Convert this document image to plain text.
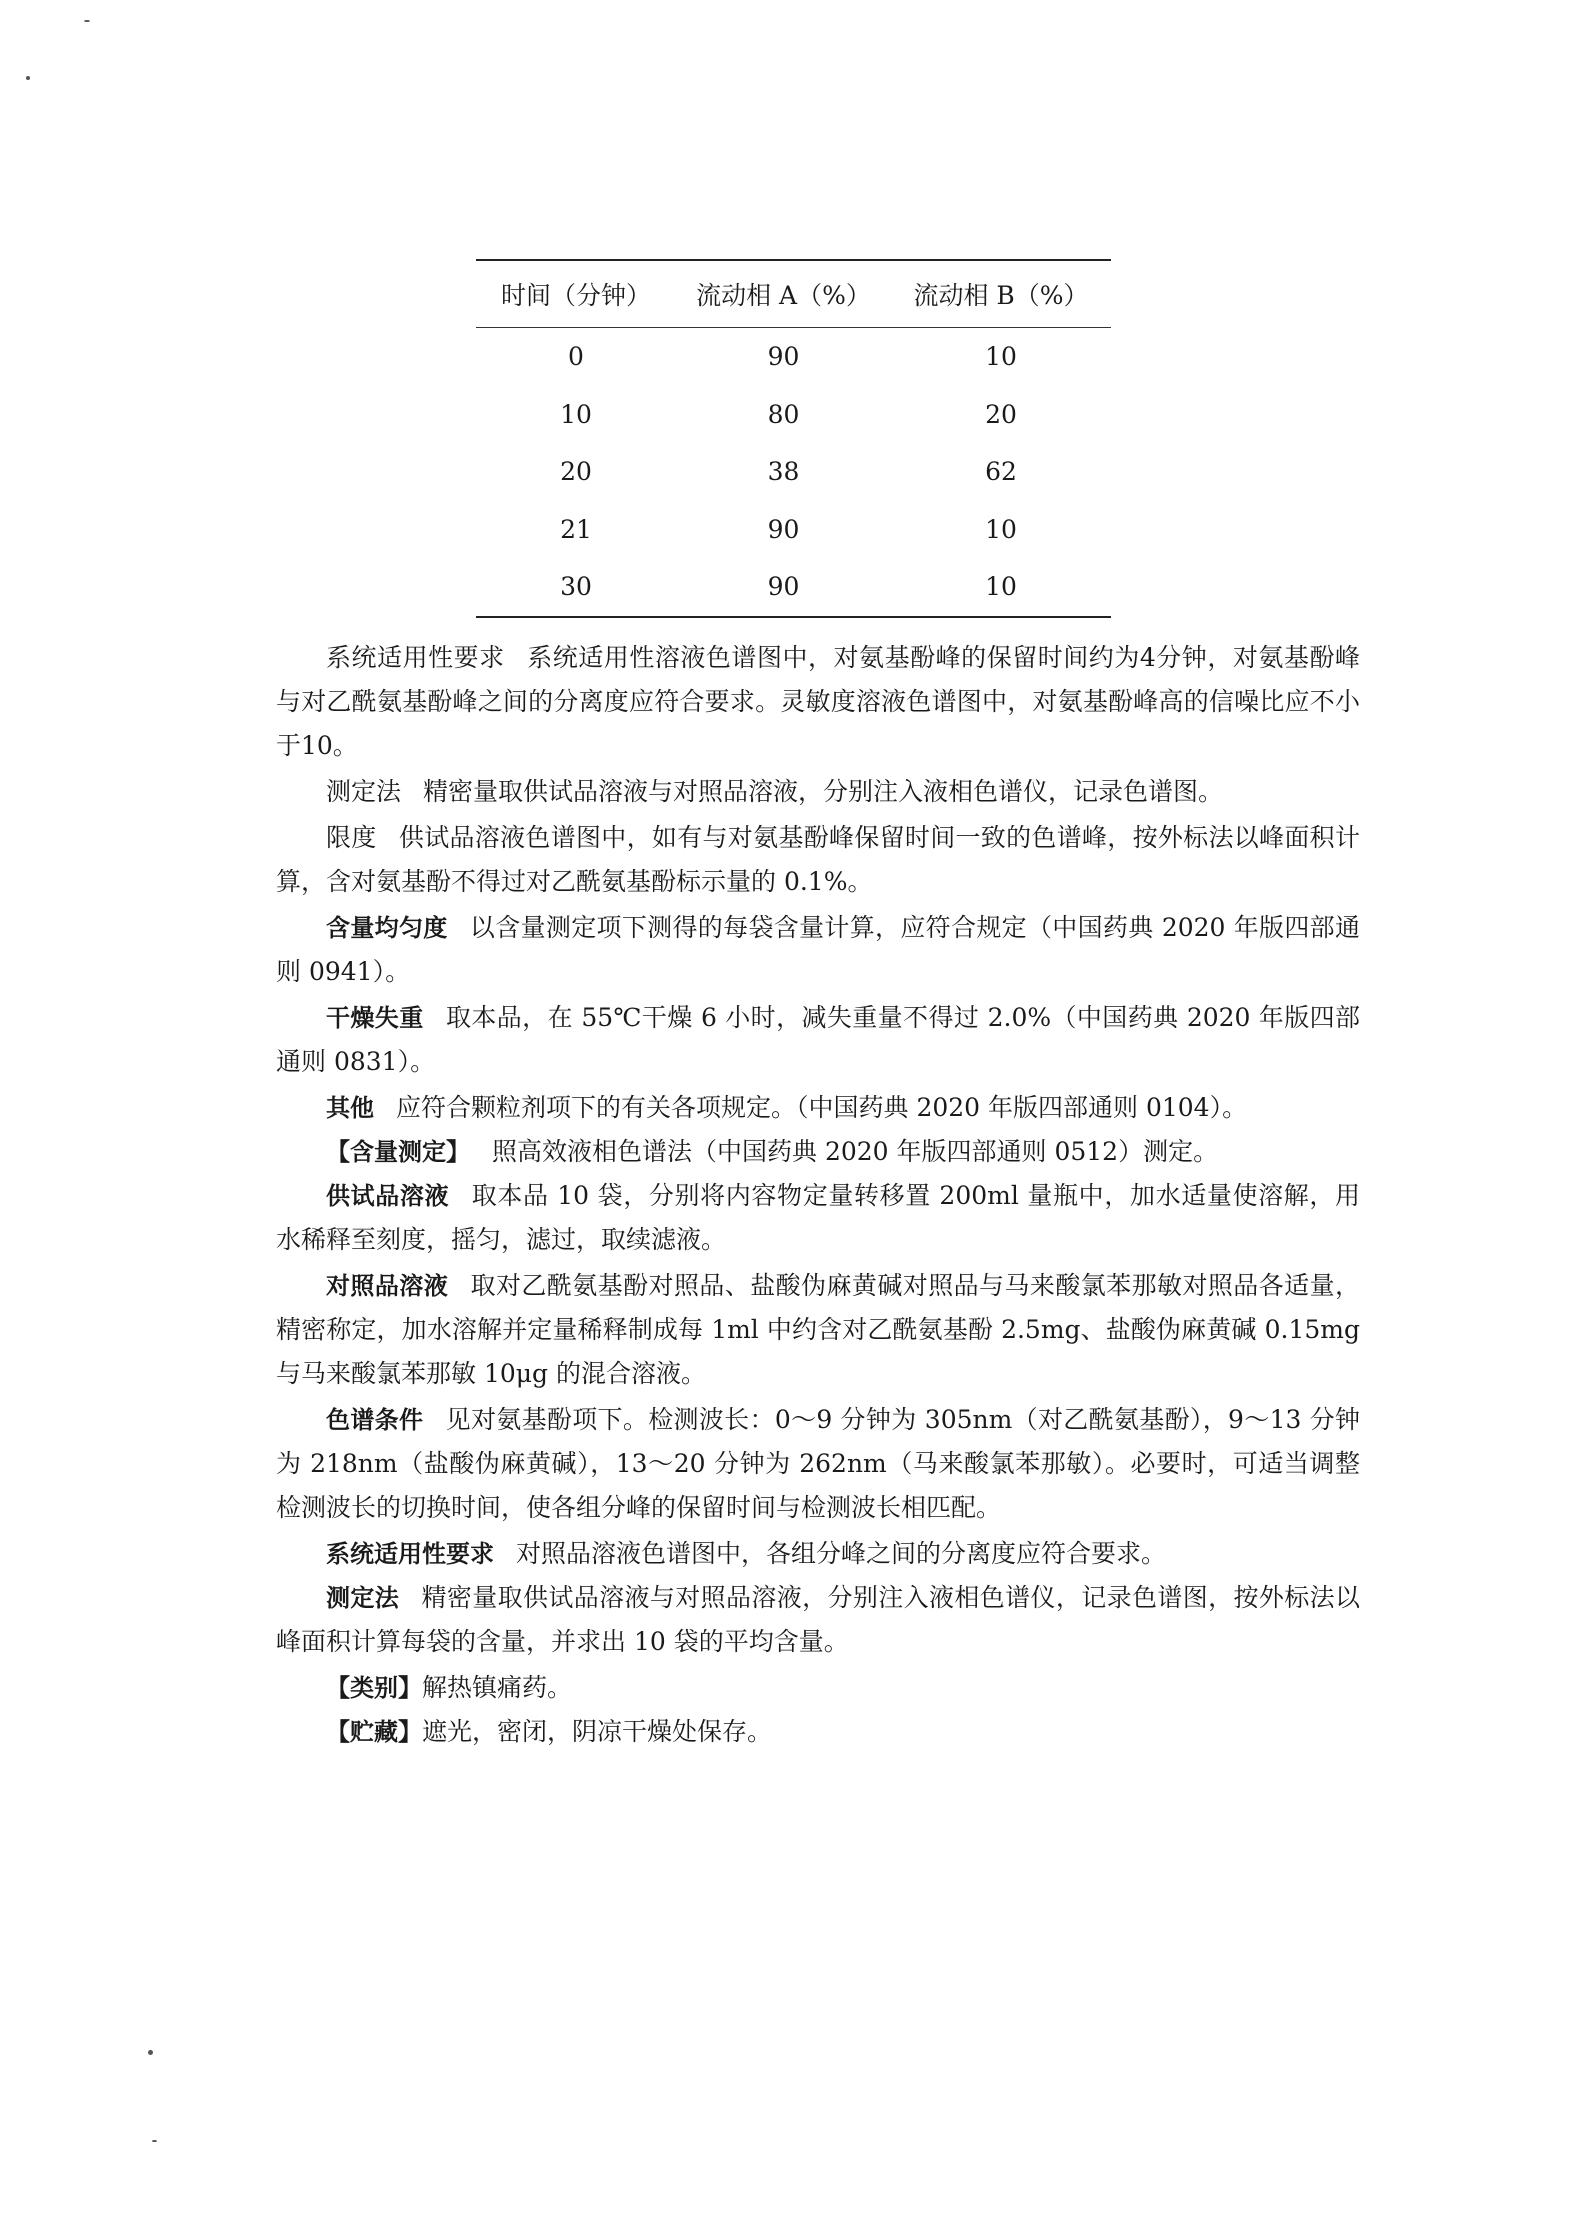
时间（分钟）	流动相 A（%）	流动相 B（%）
0	90	10
10	80	20
20	38	62
21	90	10
30	90	10

系统适用性要求 系统适用性溶液色谱图中，对氨基酚峰的保留时间约为4分钟，对氨基酚峰与对乙酰氨基酚峰之间的分离度应符合要求。灵敏度溶液色谱图中，对氨基酚峰高的信噪比应不小于10。

测定法 精密量取供试品溶液与对照品溶液，分别注入液相色谱仪，记录色谱图。

限度 供试品溶液色谱图中，如有与对氨基酚峰保留时间一致的色谱峰，按外标法以峰面积计算，含对氨基酚不得过对乙酰氨基酚标示量的 0.1%。

含量均匀度 以含量测定项下测得的每袋含量计算，应符合规定（中国药典 2020 年版四部通则 0941）。

干燥失重 取本品，在 55℃干燥 6 小时，减失重量不得过 2.0%（中国药典 2020 年版四部通则 0831）。

其他 应符合颗粒剂项下的有关各项规定。（中国药典 2020 年版四部通则 0104）。

【含量测定】 照高效液相色谱法（中国药典 2020 年版四部通则 0512）测定。

供试品溶液 取本品 10 袋，分别将内容物定量转移置 200ml 量瓶中，加水适量使溶解，用水稀释至刻度，摇匀，滤过，取续滤液。

对照品溶液 取对乙酰氨基酚对照品、盐酸伪麻黄碱对照品与马来酸氯苯那敏对照品各适量，精密称定，加水溶解并定量稀释制成每 1ml 中约含对乙酰氨基酚 2.5mg、盐酸伪麻黄碱 0.15mg 与马来酸氯苯那敏 10μg 的混合溶液。

色谱条件 见对氨基酚项下。检测波长：0～9 分钟为 305nm（对乙酰氨基酚），9～13 分钟为 218nm（盐酸伪麻黄碱），13～20 分钟为 262nm（马来酸氯苯那敏）。必要时，可适当调整检测波长的切换时间，使各组分峰的保留时间与检测波长相匹配。

系统适用性要求 对照品溶液色谱图中，各组分峰之间的分离度应符合要求。

测定法 精密量取供试品溶液与对照品溶液，分别注入液相色谱仪，记录色谱图，按外标法以峰面积计算每袋的含量，并求出 10 袋的平均含量。

【类别】解热镇痛药。

【贮藏】遮光，密闭，阴凉干燥处保存。
